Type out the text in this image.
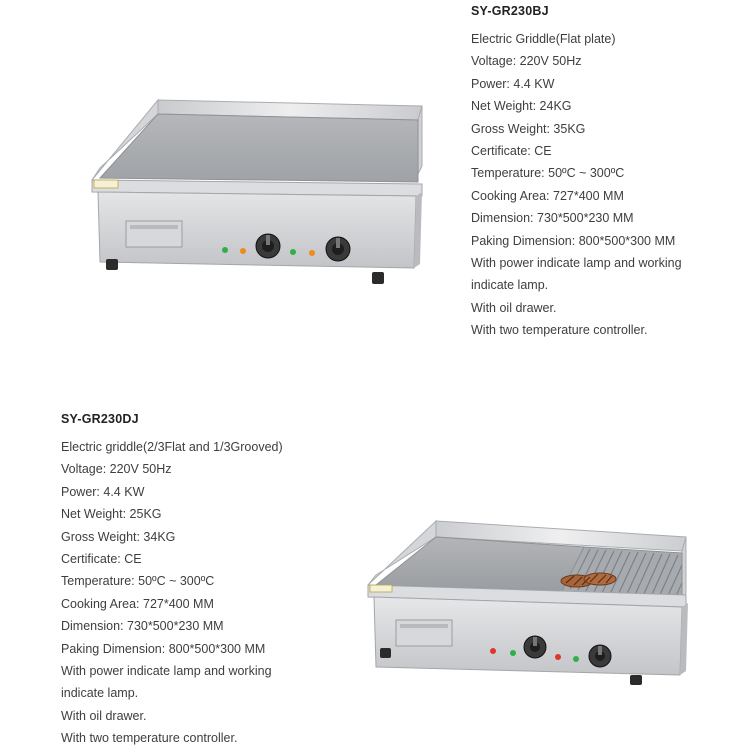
SY-GR230BJ
Electric Griddle(Flat plate)
Voltage: 220V 50Hz
Power: 4.4 KW
Net Weight: 24KG
Gross Weight: 35KG
Certificate: CE
Temperature: 50ºC ~ 300ºC
Cooking Area: 727*400 MM
Dimension: 730*500*230 MM
Paking Dimension: 800*500*300 MM
With power indicate lamp and working
indicate lamp.
With oil drawer.
With two temperature controller.
SY-GR230DJ
Electric griddle(2/3Flat and 1/3Grooved)
Voltage: 220V 50Hz
Power: 4.4 KW
Net Weight: 25KG
Gross Weight: 34KG
Certificate: CE
Temperature: 50ºC ~ 300ºC
Cooking Area: 727*400 MM
Dimension: 730*500*230 MM
Paking Dimension: 800*500*300 MM
With power indicate lamp and working
indicate lamp.
With oil drawer.
With two temperature controller.
